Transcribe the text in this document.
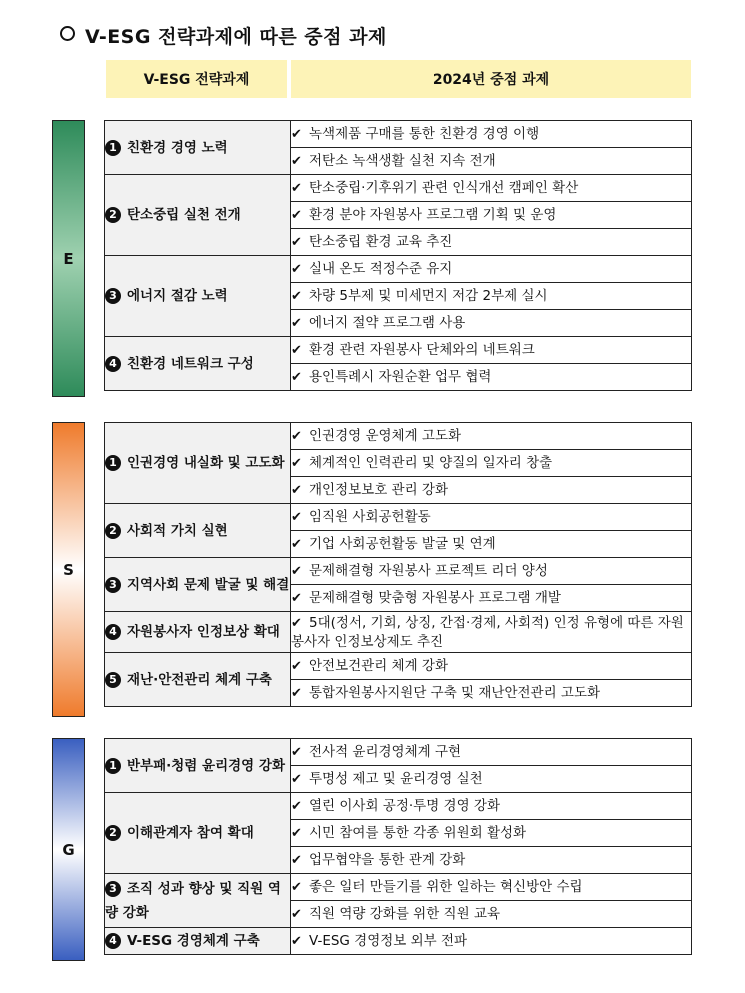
V-ESG 전략과제에 따른 중점 과제
V-ESG 전략과제	2024년 중점 과제
E
S
G
1 친환경 경영 노력	✔ 녹색제품 구매를 통한 친환경 경영 이행
	✔ 저탄소 녹색생활 실천 지속 전개
2 탄소중립 실천 전개	✔ 탄소중립·기후위기 관련 인식개선 캠페인 확산
	✔ 환경 분야 자원봉사 프로그램 기획 및 운영
	✔ 탄소중립 환경 교육 추진
3 에너지 절감 노력	✔ 실내 온도 적정수준 유지
	✔ 차량 5부제 및 미세먼지 저감 2부제 실시
	✔ 에너지 절약 프로그램 사용
4 친환경 네트워크 구성	✔ 환경 관련 자원봉사 단체와의 네트워크
	✔ 용인특례시 자원순환 업무 협력
1 인권경영 내실화 및 고도화	✔ 인권경영 운영체계 고도화
	✔ 체계적인 인력관리 및 양질의 일자리 창출
	✔ 개인정보보호 관리 강화
2 사회적 가치 실현	✔ 임직원 사회공헌활동
	✔ 기업 사회공헌활동 발굴 및 연계
3 지역사회 문제 발굴 및 해결	✔ 문제해결형 자원봉사 프로젝트 리더 양성
	✔ 문제해결형 맞춤형 자원봉사 프로그램 개발
4 자원봉사자 인정보상 확대	✔ 5대(정서, 기회, 상징, 간접·경제, 사회적) 인정 유형에 따른 자원봉사자 인정보상제도 추진
5 재난·안전관리 체계 구축	✔ 안전보건관리 체계 강화
	✔ 통합자원봉사지원단 구축 및 재난안전관리 고도화
1 반부패·청렴 윤리경영 강화	✔ 전사적 윤리경영체계 구현
	✔ 투명성 제고 및 윤리경영 실천
2 이해관계자 참여 확대	✔ 열린 이사회 공정·투명 경영 강화
	✔ 시민 참여를 통한 각종 위원회 활성화
	✔ 업무협약을 통한 관계 강화
3 조직 성과 향상 및 직원 역량 강화	✔ 좋은 일터 만들기를 위한 일하는 혁신방안 수립
	✔ 직원 역량 강화를 위한 직원 교육
4 V-ESG 경영체계 구축	✔ V-ESG 경영정보 외부 전파
